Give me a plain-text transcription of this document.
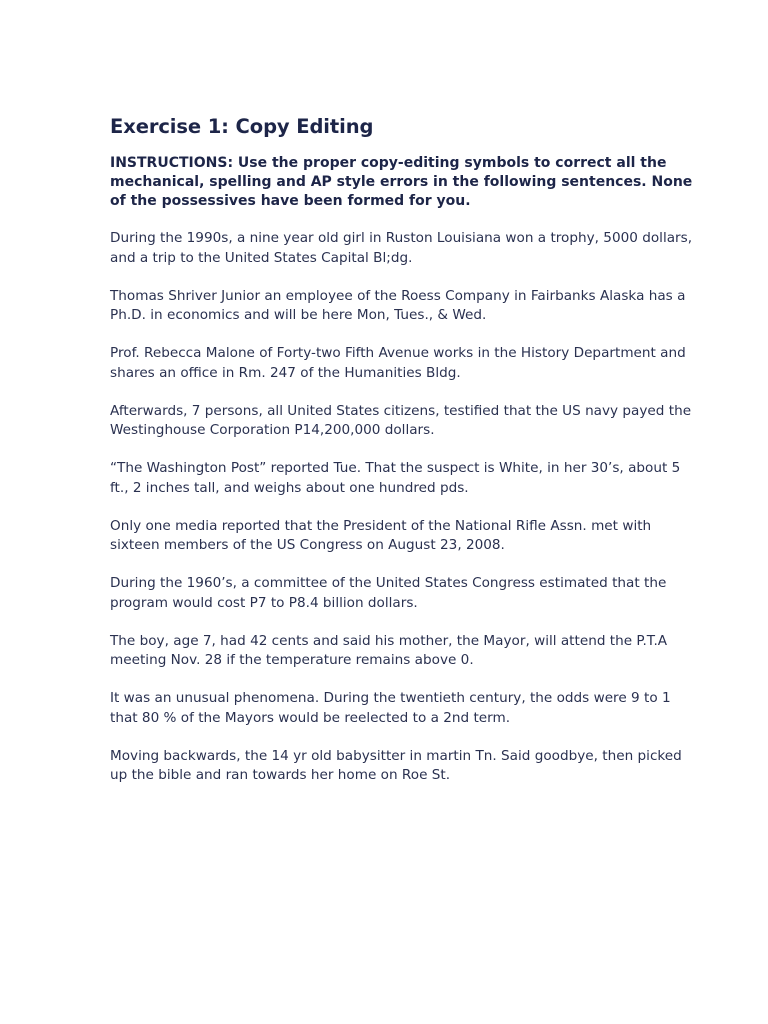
Exercise 1: Copy Editing

INSTRUCTIONS: Use the proper copy-editing symbols to correct all the mechanical, spelling and AP style errors in the following sentences. None of the possessives have been formed for you.

During the 1990s, a nine year old girl in Ruston Louisiana won a trophy, 5000 dollars, and a trip to the United States Capital Bl;dg.

Thomas Shriver Junior an employee of the Roess Company in Fairbanks Alaska has a Ph.D. in economics and will be here Mon, Tues., & Wed.

Prof. Rebecca Malone of Forty-two Fifth Avenue works in the History Department and shares an office in Rm. 247 of the Humanities Bldg.

Afterwards, 7 persons, all United States citizens, testified that the US navy payed the Westinghouse Corporation P14,200,000 dollars.

“The Washington Post” reported Tue. That the suspect is White, in her 30’s, about 5 ft., 2 inches tall, and weighs about one hundred pds.

Only one media reported that the President of the National Rifle Assn. met with sixteen members of the US Congress on August 23, 2008.

During the 1960’s, a committee of the United States Congress estimated that the program would cost P7 to P8.4 billion dollars.

The boy, age 7, had 42 cents and said his mother, the Mayor, will attend the P.T.A meeting Nov. 28 if the temperature remains above 0.

It was an unusual phenomena. During the twentieth century, the odds were 9 to 1 that 80 % of the Mayors would be reelected to a 2nd term.

Moving backwards, the 14 yr old babysitter in martin Tn. Said goodbye, then picked up the bible and ran towards her home on Roe St.
